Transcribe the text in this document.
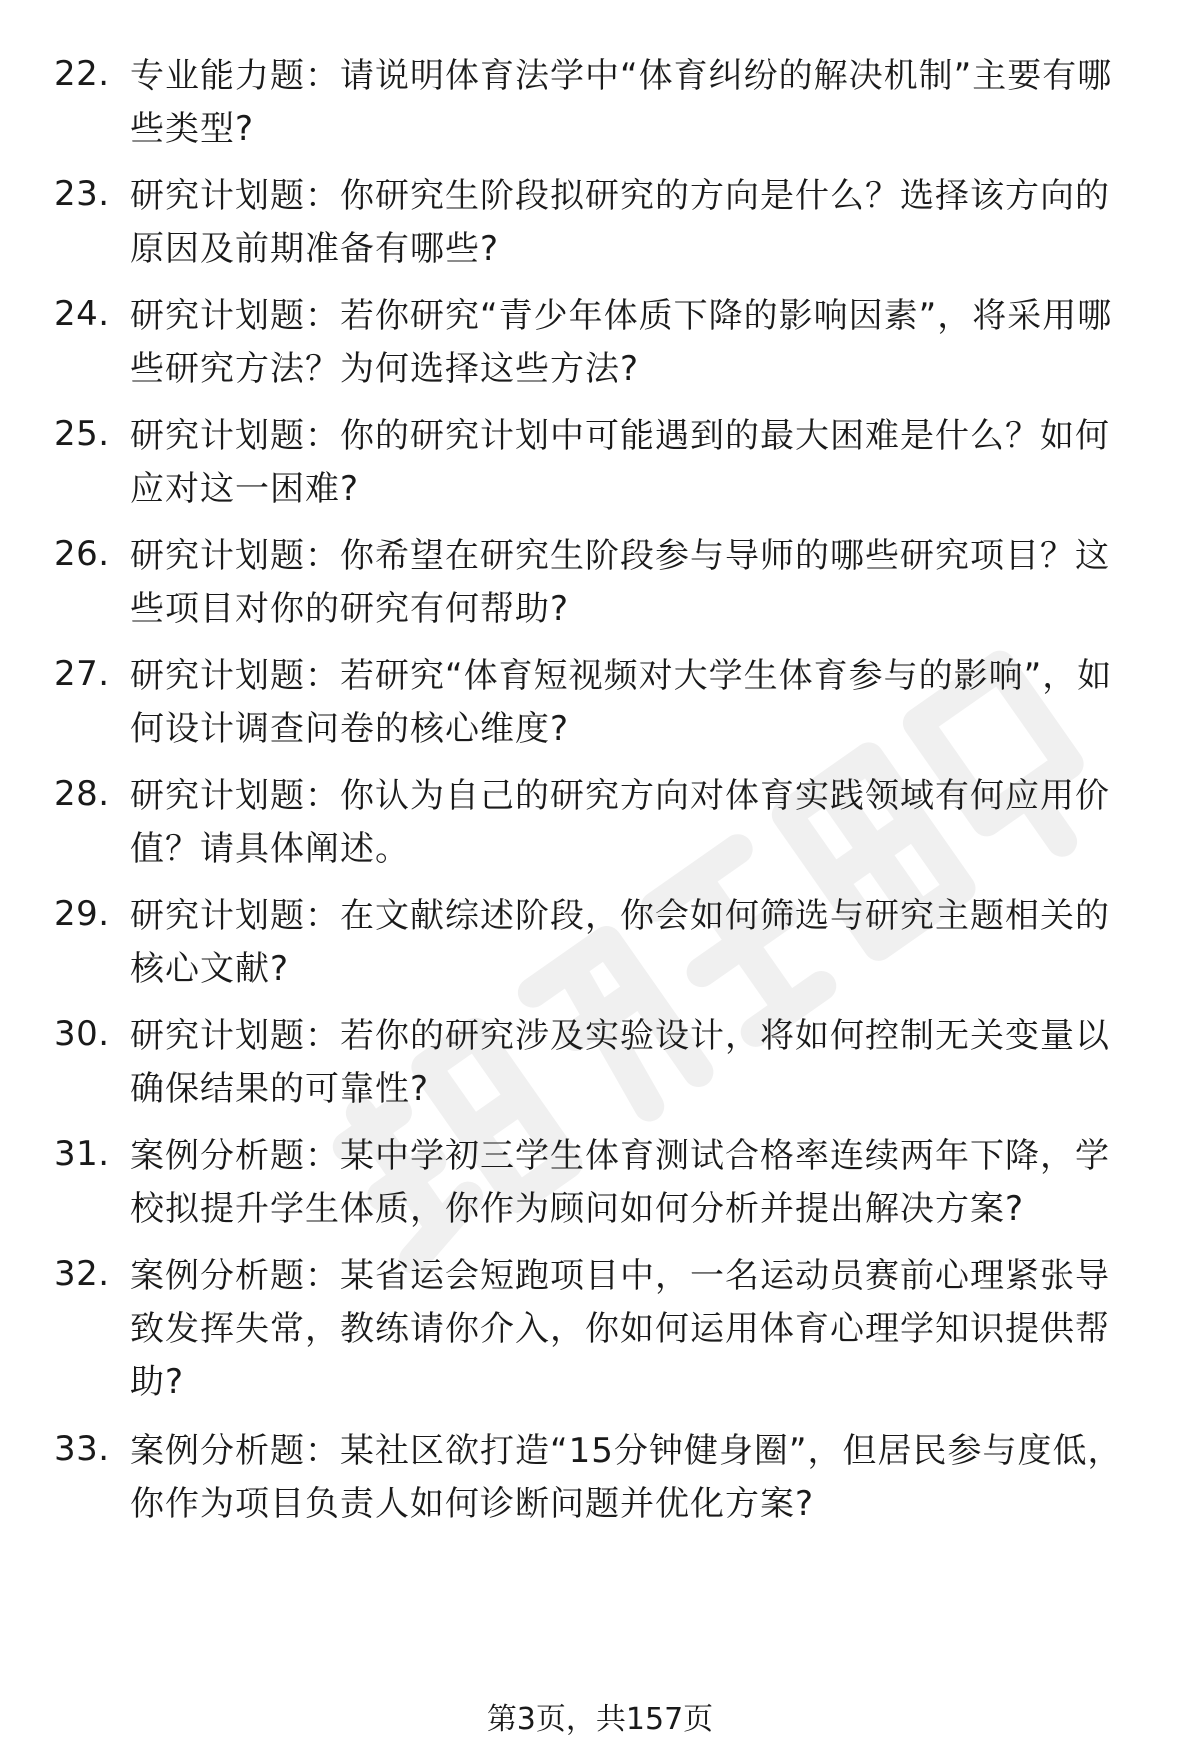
22. 专业能力题：请说明体育法学中“体育纠纷的解决机制”主要有哪些类型?
23. 研究计划题：你研究生阶段拟研究的方向是什么？选择该方向的原因及前期准备有哪些?
24. 研究计划题：若你研究“青少年体质下降的影响因素”，将采用哪些研究方法？为何选择这些方法?
25. 研究计划题：你的研究计划中可能遇到的最大困难是什么？如何应对这一困难?
26. 研究计划题：你希望在研究生阶段参与导师的哪些研究项目？这些项目对你的研究有何帮助?
27. 研究计划题：若研究“体育短视频对大学生体育参与的影响”，如何设计调查问卷的核心维度?
28. 研究计划题：你认为自己的研究方向对体育实践领域有何应用价值？请具体阐述。
29. 研究计划题：在文献综述阶段，你会如何筛选与研究主题相关的核心文献?
30. 研究计划题：若你的研究涉及实验设计，将如何控制无关变量以确保结果的可靠性?
31. 案例分析题：某中学初三学生体育测试合格率连续两年下降，学校拟提升学生体质，你作为顾问如何分析并提出解决方案?
32. 案例分析题：某省运会短跑项目中，一名运动员赛前心理紧张导致发挥失常，教练请你介入，你如何运用体育心理学知识提供帮助?
33. 案例分析题：某社区欲打造“15分钟健身圈”，但居民参与度低，你作为项目负责人如何诊断问题并优化方案?
第3页，共157页
